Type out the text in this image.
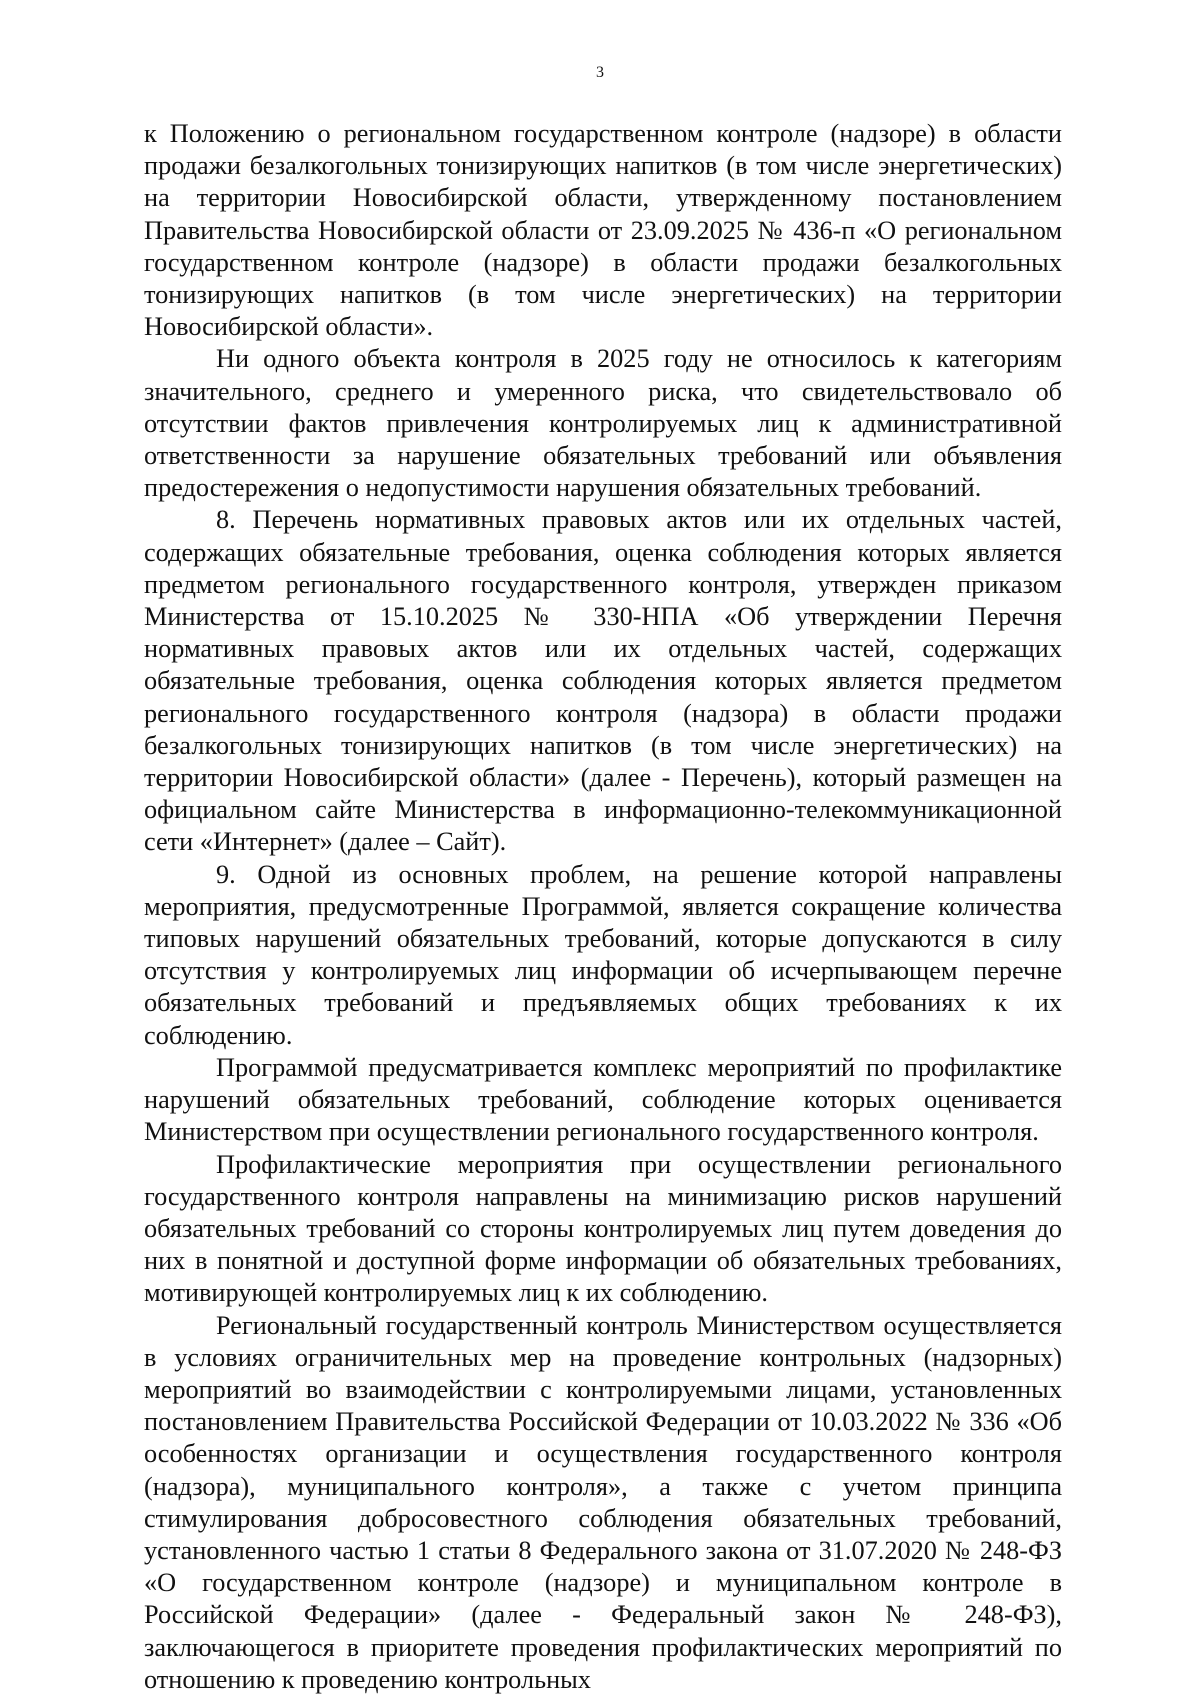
3

к Положению о региональном государственном контроле (надзоре) в области продажи безалкогольных тонизирующих напитков (в том числе энергетических) на территории Новосибирской области, утвержденному постановлением Правительства Новосибирской области от 23.09.2025 № 436-п «О региональном государственном контроле (надзоре) в области продажи безалкогольных тонизирующих напитков (в том числе энергетических) на территории Новосибирской области».

Ни одного объекта контроля в 2025 году не относилось к категориям значительного, среднего и умеренного риска, что свидетельствовало об отсутствии фактов привлечения контролируемых лиц к административной ответственности за нарушение обязательных требований или объявления предостережения о недопустимости нарушения обязательных требований.

8. Перечень нормативных правовых актов или их отдельных частей, содержащих обязательные требования, оценка соблюдения которых является предметом регионального государственного контроля, утвержден приказом Министерства от 15.10.2025 № 330-НПА «Об утверждении Перечня нормативных правовых актов или их отдельных частей, содержащих обязательные требования, оценка соблюдения которых является предметом регионального государственного контроля (надзора) в области продажи безалкогольных тонизирующих напитков (в том числе энергетических) на территории Новосибирской области» (далее - Перечень), который размещен на официальном сайте Министерства в информационно-телекоммуникационной сети «Интернет» (далее – Сайт).

9. Одной из основных проблем, на решение которой направлены мероприятия, предусмотренные Программой, является сокращение количества типовых нарушений обязательных требований, которые допускаются в силу отсутствия у контролируемых лиц информации об исчерпывающем перечне обязательных требований и предъявляемых общих требованиях к их соблюдению.

Программой предусматривается комплекс мероприятий по профилактике нарушений обязательных требований, соблюдение которых оценивается Министерством при осуществлении регионального государственного контроля.

Профилактические мероприятия при осуществлении регионального государственного контроля направлены на минимизацию рисков нарушений обязательных требований со стороны контролируемых лиц путем доведения до них в понятной и доступной форме информации об обязательных требованиях, мотивирующей контролируемых лиц к их соблюдению.

Региональный государственный контроль Министерством осуществляется в условиях ограничительных мер на проведение контрольных (надзорных) мероприятий во взаимодействии с контролируемыми лицами, установленных постановлением Правительства Российской Федерации от 10.03.2022 № 336 «Об особенностях организации и осуществления государственного контроля (надзора), муниципального контроля», а также с учетом принципа стимулирования добросовестного соблюдения обязательных требований, установленного частью 1 статьи 8 Федерального закона от 31.07.2020 № 248-ФЗ «О государственном контроле (надзоре) и муниципальном контроле в Российской Федерации» (далее - Федеральный закон № 248-ФЗ), заключающегося в приоритете проведения профилактических мероприятий по отношению к проведению контрольных
